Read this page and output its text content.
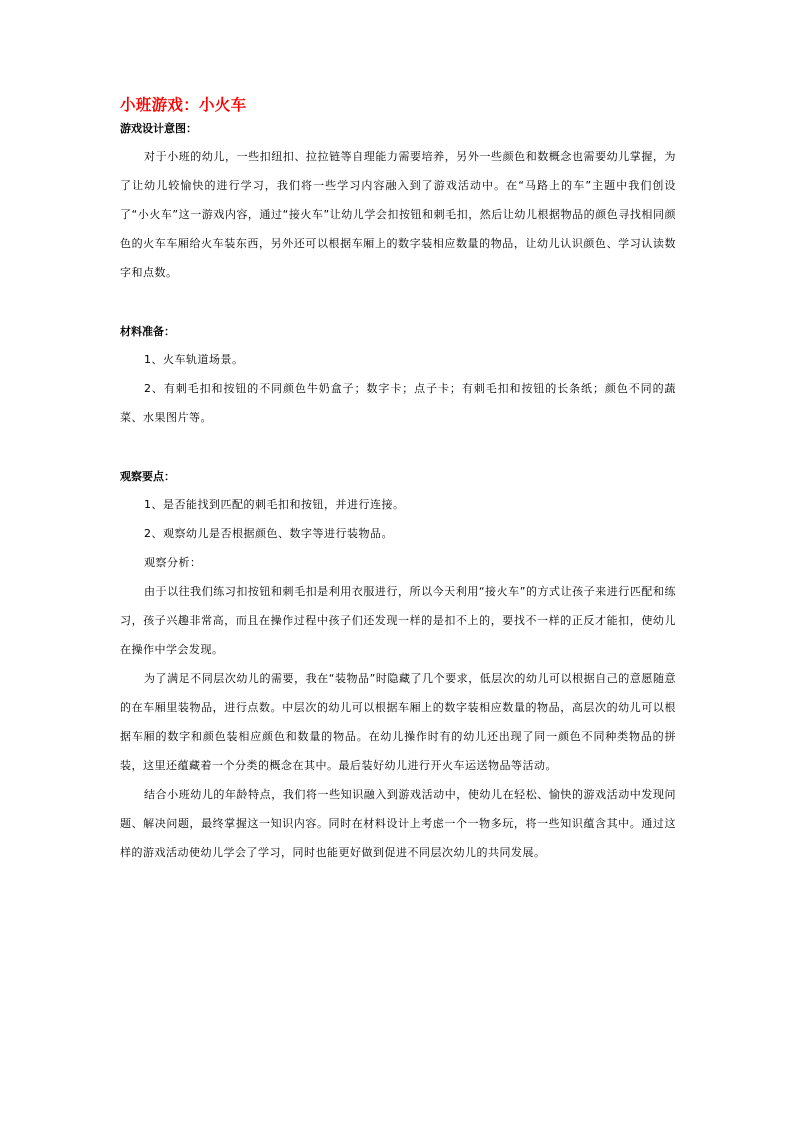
小班游戏：小火车
游戏设计意图：

对于小班的幼儿，一些扣纽扣、拉拉链等自理能力需要培养，另外一些颜色和数概念也需要幼儿掌握，为了让幼儿较愉快的进行学习，我们将一些学习内容融入到了游戏活动中。在“马路上的车”主题中我们创设了“小火车”这一游戏内容，通过“接火车”让幼儿学会扣按钮和刺毛扣，然后让幼儿根据物品的颜色寻找相同颜色的火车车厢给火车装东西，另外还可以根据车厢上的数字装相应数量的物品，让幼儿认识颜色、学习认读数字和点数。

材料准备：

1、火车轨道场景。

2、有刺毛扣和按钮的不同颜色牛奶盒子；数字卡；点子卡；有刺毛扣和按钮的长条纸；颜色不同的蔬菜、水果图片等。

观察要点：

1、是否能找到匹配的刺毛扣和按钮，并进行连接。

2、观察幼儿是否根据颜色、数字等进行装物品。

观察分析：

由于以往我们练习扣按钮和刺毛扣是利用衣服进行，所以今天利用“接火车”的方式让孩子来进行匹配和练习，孩子兴趣非常高，而且在操作过程中孩子们还发现一样的是扣不上的，要找不一样的正反才能扣，使幼儿在操作中学会发现。

为了满足不同层次幼儿的需要，我在“装物品”时隐藏了几个要求，低层次的幼儿可以根据自己的意愿随意的在车厢里装物品，进行点数。中层次的幼儿可以根据车厢上的数字装相应数量的物品，高层次的幼儿可以根据车厢的数字和颜色装相应颜色和数量的物品。在幼儿操作时有的幼儿还出现了同一颜色不同种类物品的拼装，这里还蕴藏着一个分类的概念在其中。最后装好幼儿进行开火车运送物品等活动。

结合小班幼儿的年龄特点，我们将一些知识融入到游戏活动中，使幼儿在轻松、愉快的游戏活动中发现问题、解决问题，最终掌握这一知识内容。同时在材料设计上考虑一个一物多玩，将一些知识蕴含其中。通过这样的游戏活动使幼儿学会了学习，同时也能更好做到促进不同层次幼儿的共同发展。
